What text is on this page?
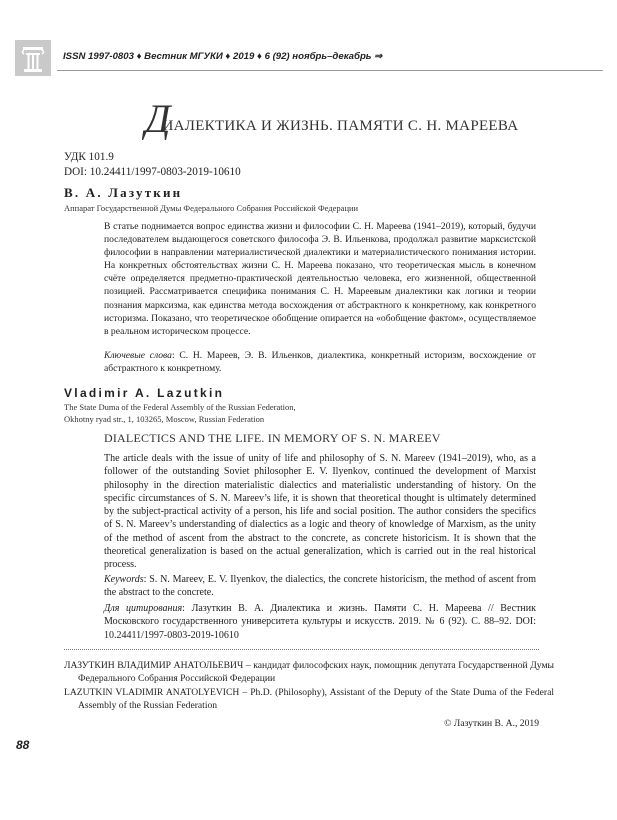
ISSN 1997-0803 ♦ Вестник МГУКИ ♦ 2019 ♦ 6 (92) ноябрь–декабрь ⇒
ДИАЛЕКТИКА И ЖИЗНЬ. ПАМЯТИ С. Н. МАРЕЕВА
УДК 101.9
DOI: 10.24411/1997-0803-2019-10610
В. А. Лазуткин
Аппарат Государственной Думы Федерального Собрания Российской Федерации

В статье поднимается вопрос единства жизни и философии С. Н. Мареева (1941–2019), который, будучи последователем выдающегося советского философа Э. В. Ильенкова, продолжал развитие марксистской философии в направлении материалистической диалектики и материалистического понимания истории. На конкретных обстоятельствах жизни С. Н. Мареева показано, что теоретическая мысль в конечном счёте определяется предметно-практической деятельностью человека, его жизненной, общественной позицией. Рассматривается специфика понимания С. Н. Мареевым диалектики как логики и теории познания марксизма, как единства метода восхождения от абстрактного к конкретному, как конкретного историзма. Показано, что теоретическое обобщение опирается на «обобщение фактом», осуществляемое в реальном историческом процессе.

Ключевые слова: С. Н. Мареев, Э. В. Ильенков, диалектика, конкретный историзм, восхождение от абстрактного к конкретному.

Vladimir A. Lazutkin
The State Duma of the Federal Assembly of the Russian Federation,
Okhotny ryad str., 1, 103265, Moscow, Russian Federation
DIALECTICS AND THE LIFE. IN MEMORY OF S. N. MAREEV

The article deals with the issue of unity of life and philosophy of S. N. Mareev (1941–2019), who, as a follower of the outstanding Soviet philosopher E. V. Ilyenkov, continued the development of Marxist philosophy in the direction materialistic dialectics and materialistic understanding of history. On the specific circumstances of S. N. Mareev’s life, it is shown that theoretical thought is ultimately determined by the subject-practical activity of a person, his life and social position. The author considers the specifics of S. N. Mareev’s understanding of dialectics as a logic and theory of knowledge of Marxism, as the unity of the method of ascent from the abstract to the concrete, as concrete historicism. It is shown that the theoretical generalization is based on the actual generalization, which is carried out in the real historical process.

Keywords: S. N. Mareev, E. V. Ilyenkov, the dialectics, the concrete historicism, the method of ascent from the abstract to the concrete.

Для цитирования: Лазуткин В. А. Диалектика и жизнь. Памяти С. Н. Мареева // Вестник Московского государственного университета культуры и искусств. 2019. № 6 (92). С. 88–92. DOI: 10.24411/1997-0803-2019-10610

ЛАЗУТКИН ВЛАДИМИР АНАТОЛЬЕВИЧ – кандидат философских наук, помощник депутата Государственной Думы Федерального Собрания Российской Федерации

LAZUTKIN VLADIMIR ANATOLYEVICH – Ph.D. (Philosophy), Assistant of the Deputy of the State Duma of the Federal Assembly of the Russian Federation

© Лазуткин В. А., 2019
88
